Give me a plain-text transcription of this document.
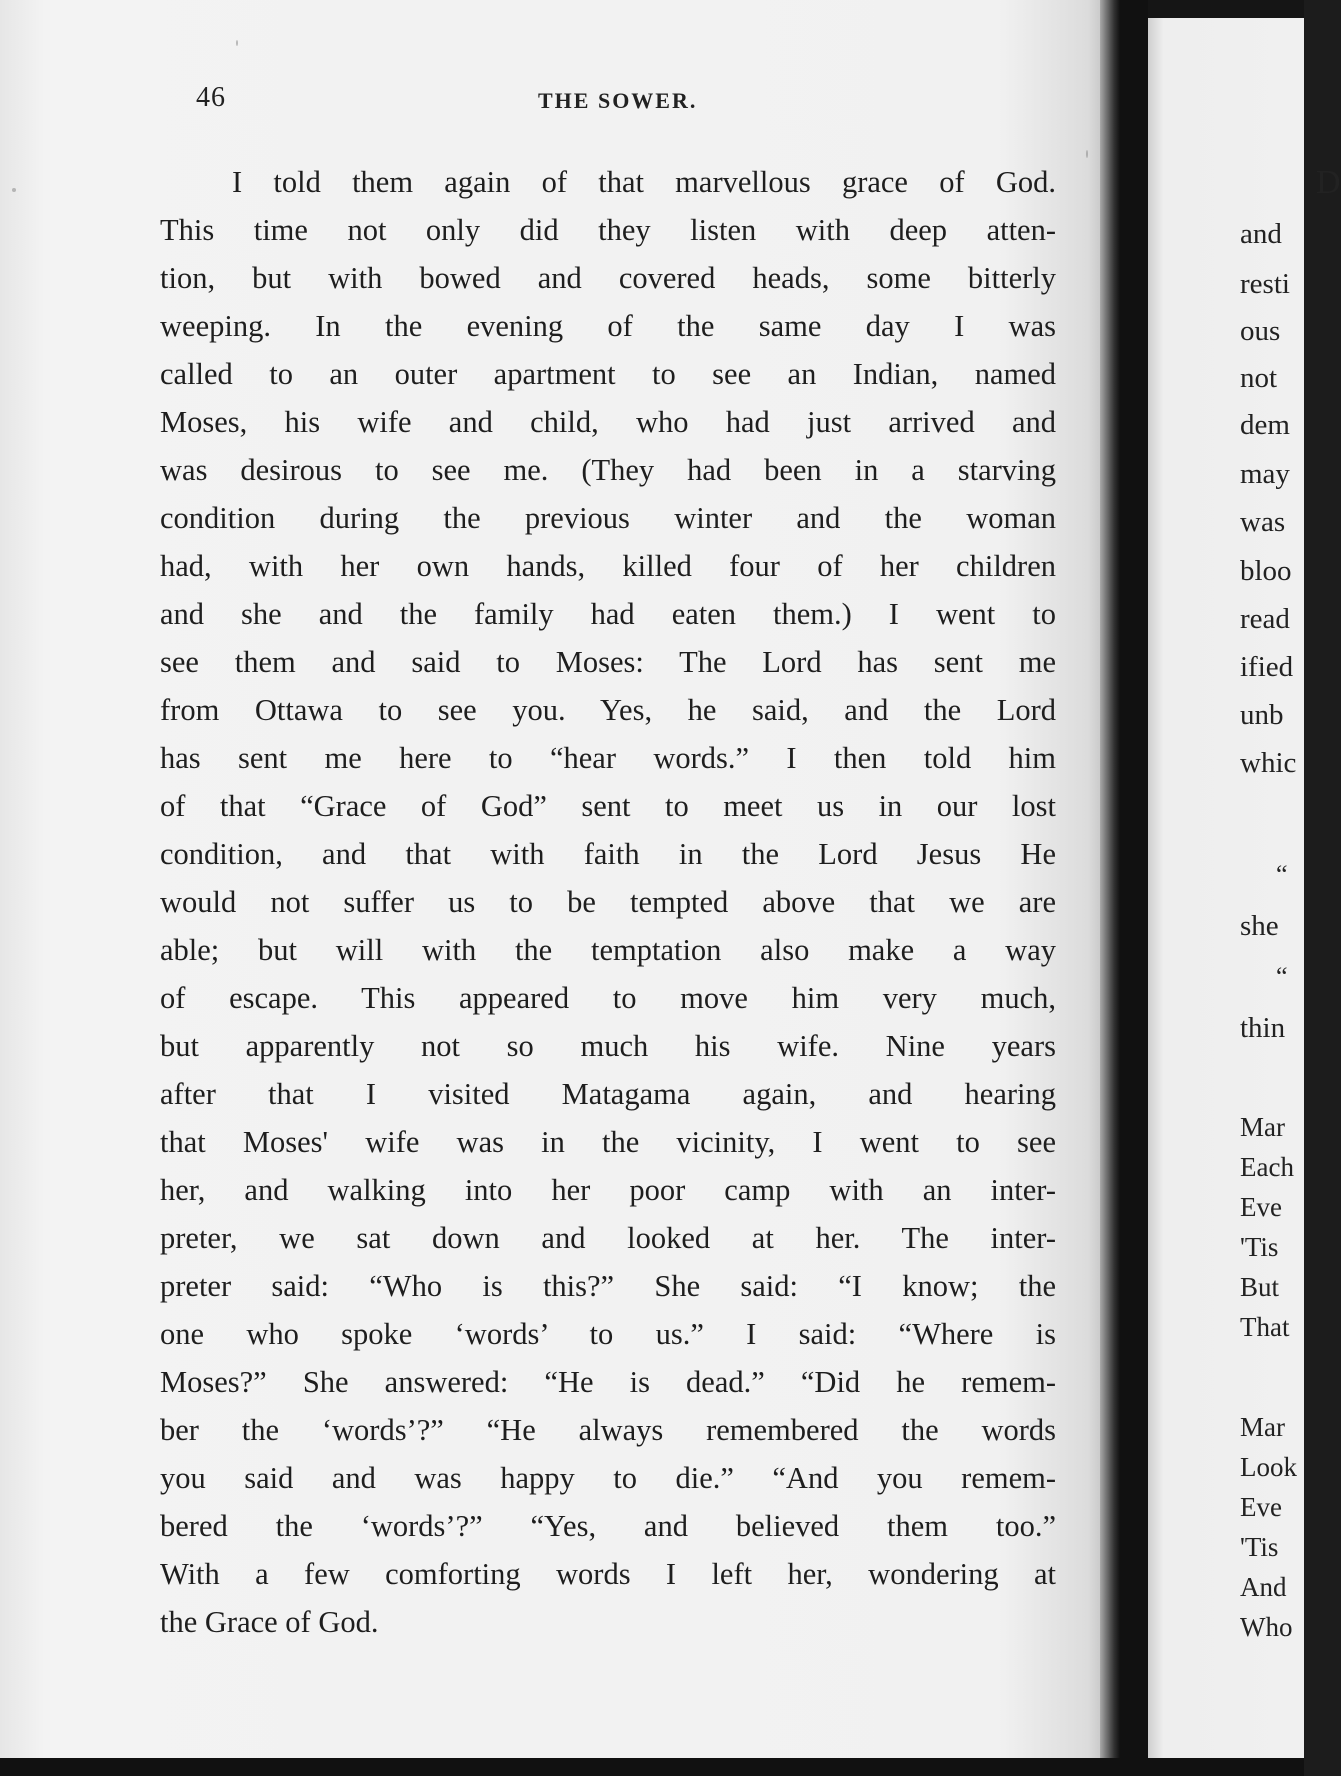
46	THE SOWER.
I told them again of that marvellous grace of God.
This time not only did they listen with deep atten-
tion, but with bowed and covered heads, some bitterly
weeping. In the evening of the same day I was
called to an outer apartment to see an Indian, named
Moses, his wife and child, who had just arrived and
was desirous to see me. (They had been in a starving
condition during the previous winter and the woman
had, with her own hands, killed four of her children
and she and the family had eaten them.) I went to
see them and said to Moses: The Lord has sent me
from Ottawa to see you. Yes, he said, and the Lord
has sent me here to “hear words.” I then told him
of that “Grace of God” sent to meet us in our lost
condition, and that with faith in the Lord Jesus He
would not suffer us to be tempted above that we are
able; but will with the temptation also make a way
of escape. This appeared to move him very much,
but apparently not so much his wife. Nine years
after that I visited Matagama again, and hearing
that Moses' wife was in the vicinity, I went to see
her, and walking into her poor camp with an inter-
preter, we sat down and looked at her. The inter-
preter said: “Who is this?” She said: “I know; the
one who spoke ‘words’ to us.” I said: “Where is
Moses?” She answered: “He is dead.” “Did he remem-
ber the ‘words’?” “He always remembered the words
you said and was happy to die.” “And you remem-
bered the ‘words’?” “Yes, and believed them too.”
With a few comforting words I left her, wondering at
the Grace of God.
D
and
resti
ous
not
dem
may
was
bloo
read
ified
unb
whic
“
she
“
thin
Mar
Each
Eve
'Tis
But
That
Mar
Look
Eve
'Tis
And
Who
